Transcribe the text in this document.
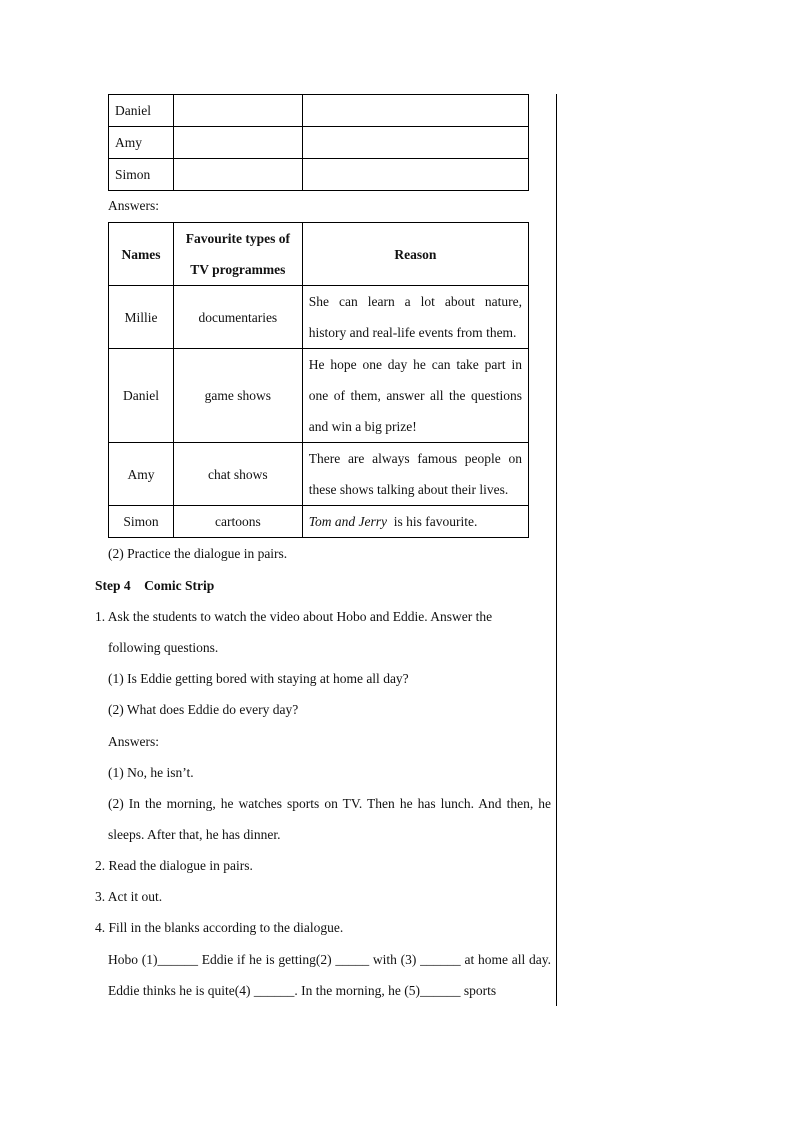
Daniel		
Amy		
Simon		
Answers:
Names	Favourite types of TV programmes	Reason
Millie	documentaries	She can learn a lot about nature, history and real-life events from them.
Daniel	game shows	He hope one day he can take part in one of them, answer all the questions and win a big prize!
Amy	chat shows	There are always famous people on these shows talking about their lives.
Simon	cartoons	Tom and Jerry is his favourite.
(2) Practice the dialogue in pairs.
Step 4    Comic Strip
1. Ask the students to watch the video about Hobo and Eddie. Answer the
following questions.
(1) Is Eddie getting bored with staying at home all day?
(2) What does Eddie do every day?
Answers:
(1) No, he isn’t.
(2) In the morning, he watches sports on TV. Then he has lunch. And then, he sleeps. After that, he has dinner.
2. Read the dialogue in pairs.
3. Act it out.
4. Fill in the blanks according to the dialogue.
Hobo (1)______ Eddie if he is getting(2) _____ with (3) ______ at home all day. Eddie thinks he is quite(4) ______. In the morning, he (5)______ sports
